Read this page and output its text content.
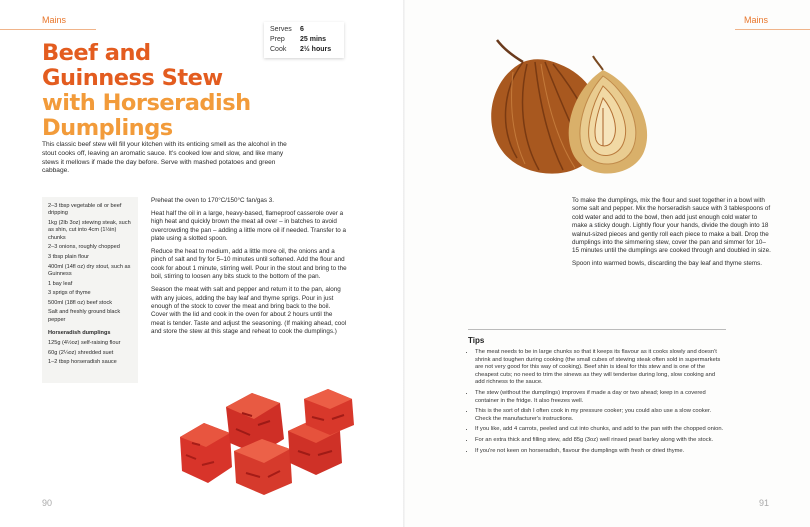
Mains
Serves	6
Prep	25 mins
Cook	2½ hours
Beef and
Guinness Stew
with Horseradish
Dumplings
This classic beef stew will fill your kitchen with its enticing smell as the alcohol in the stout cooks off, leaving an aromatic sauce. It's cooked low and slow, and like many stews it mellows if made the day before. Serve with mashed potatoes and green cabbage.
2–3 tbsp vegetable oil or beef dripping
1kg (2lb 3oz) stewing steak, such as shin, cut into 4cm (1½in) chunks
2–3 onions, roughly chopped
3 tbsp plain flour
400ml (14fl oz) dry stout, such as Guinness
1 bay leaf
3 sprigs of thyme
500ml (18fl oz) beef stock
Salt and freshly ground black pepper
Horseradish dumplings
125g (4½oz) self-raising flour
60g (2¼oz) shredded suet
1–2 tbsp horseradish sauce

Preheat the oven to 170°C/150°C fan/gas 3.

Heat half the oil in a large, heavy-based, flameproof casserole over a high heat and quickly brown the meat all over – in batches to avoid overcrowding the pan – adding a little more oil if needed. Transfer to a plate using a slotted spoon.

Reduce the heat to medium, add a little more oil, the onions and a pinch of salt and fry for 5–10 minutes until softened. Add the flour and cook for about 1 minute, stirring well. Pour in the stout and bring to the boil, stirring to loosen any bits stuck to the bottom of the pan.

Season the meat with salt and pepper and return it to the pan, along with any juices, adding the bay leaf and thyme sprigs. Pour in just enough of the stock to cover the meat and bring back to the boil. Cover with the lid and cook in the oven for about 2 hours until the meat is tender. Taste and adjust the seasoning. (If making ahead, cool and store the stew at this stage and reheat to cook the dumplings.)

90
Mains

To make the dumplings, mix the flour and suet together in a bowl with some salt and pepper. Mix the horseradish sauce with 3 tablespoons of cold water and add to the bowl, then add just enough cold water to make a sticky dough. Lightly flour your hands, divide the dough into 18 walnut-sized pieces and gently roll each piece to make a ball. Drop the dumplings into the simmering stew, cover the pan and simmer for 10–15 minutes until the dumplings are cooked through and doubled in size.

Spoon into warmed bowls, discarding the bay leaf and thyme stems.

91
Tips
• The meat needs to be in large chunks so that it keeps its flavour as it cooks slowly and doesn't shrink and toughen during cooking (the small cubes of stewing steak often sold in supermarkets are not very good for this way of cooking). Beef shin is ideal for this stew and is one of the cheapest cuts; no need to trim the sinews as they will tenderise during long, slow cooking and add richness to the sauce.
• The stew (without the dumplings) improves if made a day or two ahead; keep in a covered container in the fridge. It also freezes well.
• This is the sort of dish I often cook in my pressure cooker; you could also use a slow cooker. Check the manufacturer's instructions.
• If you like, add 4 carrots, peeled and cut into chunks, and add to the pan with the chopped onion.
• For an extra thick and filling stew, add 85g (3oz) well rinsed pearl barley along with the stock.
• If you're not keen on horseradish, flavour the dumplings with fresh or dried thyme.
